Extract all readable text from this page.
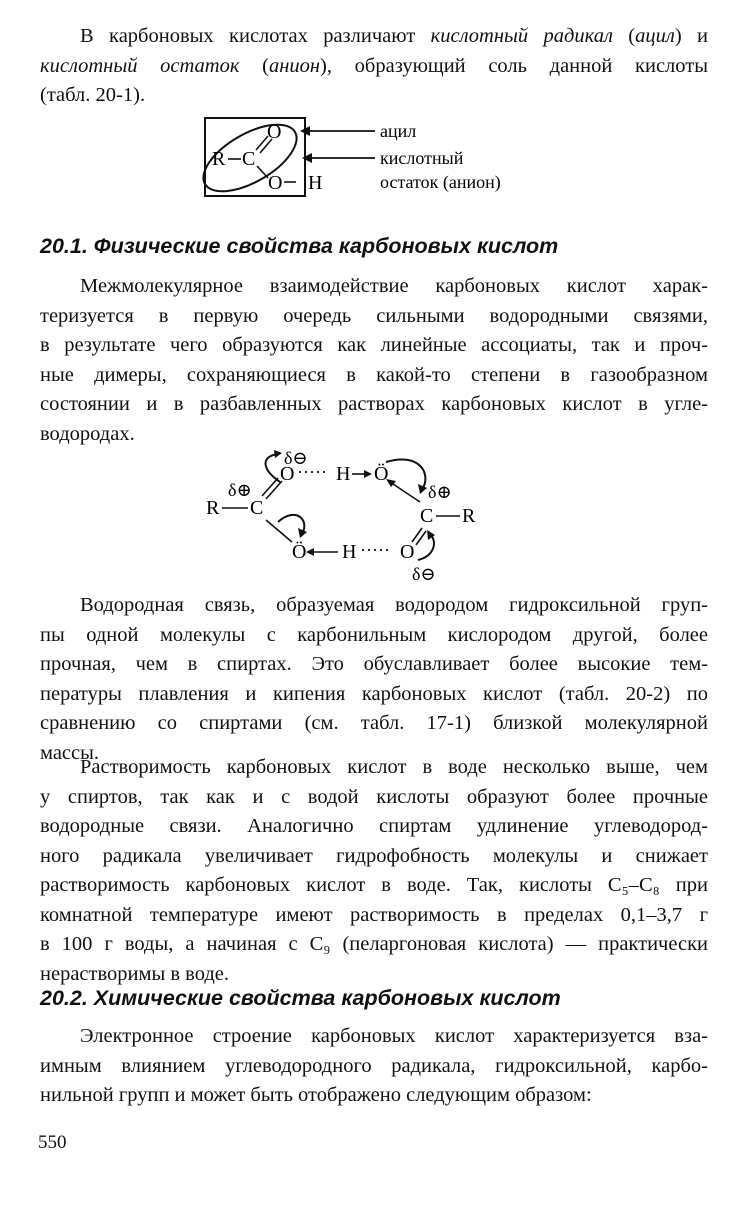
В карбоновых кислотах различают кислотный радикал (ацил) и
кислотный остаток (анион), образующий соль данной кислоты
(табл. 20-1).

R C
O
O H
ацил
кислотный
остаток (анион)
20.1. Физические свойства карбоновых кислот

Межмолекулярное взаимодействие карбоновых кислот харак-
теризуется в первую очередь сильными водородными связями,
в результате чего образуются как линейные ассоциаты, так и проч-
ные димеры, сохраняющиеся в какой-то степени в газообразном
состоянии и в разбавленных растворах карбоновых кислот в угле-
водородах.

δ⊖
δ⊕	δ⊕
δ⊖
R C
O ····· H Ö
C R
O
·····
H
Ö

Водородная связь, образуемая водородом гидроксильной груп-
пы одной молекулы с карбонильным кислородом другой, более
прочная, чем в спиртах. Это обуславливает более высокие тем-
пературы плавления и кипения карбоновых кислот (табл. 20-2) по
сравнению со спиртами (см. табл. 17-1) близкой молекулярной
массы.

Растворимость карбоновых кислот в воде несколько выше, чем
у спиртов, так как и с водой кислоты образуют более прочные
водородные связи. Аналогично спиртам удлинение углеводород-
ного радикала увеличивает гидрофобность молекулы и снижает
растворимость карбоновых кислот в воде. Так, кислоты C₅–C₈ при
комнатной температуре имеют растворимость в пределах 0,1–3,7 г
в 100 г воды, а начиная с C₉ (пеларгоновая кислота) — практически
нерастворимы в воде.

20.2. Химические свойства карбоновых кислот

Электронное строение карбоновых кислот характеризуется вза-
имным влиянием углеводородного радикала, гидроксильной, карбо-
нильной групп и может быть отображено следующим образом:

550
